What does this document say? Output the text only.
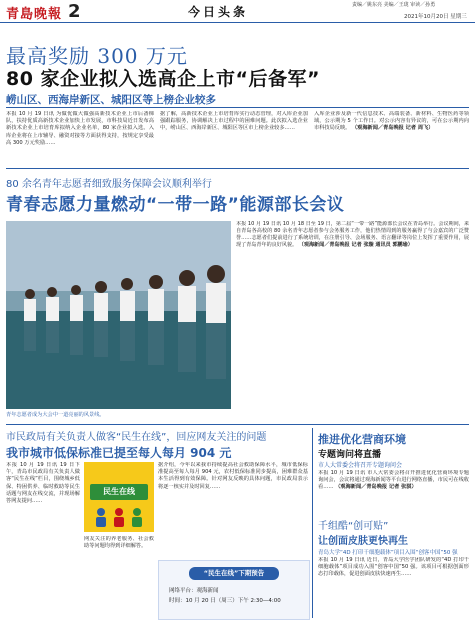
青島晚報 2	今日头条	责编／姚东亮 美编／王珑 审读／孙勇
2021年10月20日 星期三
最高奖励 300 万元
80 家企业拟入选高企上市“后备军”
崂山区、西海岸新区、城阳区等上榜企业较多
本报 10 月 19 日讯 为做优做大做强高新技术企业上市后备梯队，扶持优质高新技术企业加快上市发展，市科技局近日发布高新技术企业上市培育库拟纳入企业名单，80 家企业拟入选。入库企业将在上市辅导、融资对接等方面获得支持，按规定享受最高 300 万元奖励……
据了解，高新技术企业上市培育库实行动态管理，对入库企业加强跟踪服务，协调解决上市过程中的困难问题。此次拟入选企业中，崂山区、西海岸新区、城阳区等区市上榜企业较多……
入库企业涉及新一代信息技术、高端装备、新材料、生物医药等领域，公示期为 5 个工作日。对公示内容有异议的，可在公示期内向市科技局反映。 （观海新闻／青岛晚报 记者 周飞）
80 余名青年志愿者细致服务保障会议顺利举行
青春志愿力量燃动“一带一路”能源部长会议
青年志愿者成为大会中一道亮丽的风景线。
本报 10 月 19 日讯 10 月 18 日至 19 日，第二届“一带一路”能源部长会议在青岛举行。会议期间，来自青岛各高校的 80 余名青年志愿者参与会务服务工作，他们热情周到的服务赢得了与会嘉宾的广泛赞誉……志愿者们提前进行了系统培训，在注册引导、会场服务、语言翻译等岗位上发挥了重要作用，展现了青岛青年的良好风貌。 （观海新闻／青岛晚报 记者 张璇 通讯员 郭鹏瑜）
市民政局有关负责人做客“民生在线”，回应网友关注的问题
我市城市低保标准已提至每人每月 904 元
本报 10 月 19 日讯 19 日下午，青岛市民政局有关负责人做客“民生在线”栏目，围绕城乡低保、特困供养、临时救助等民生话题与网友在线交流，并现场解答网友提问……
民生在线
网友关注的养老服务、社会救助等问题均得到详细解答。
据介绍，今年以来我市持续提高社会救助保障水平，城市低保标准提高至每人每月 904 元，农村低保标准同步提高，困难群众基本生活得到有效保障。针对网友反映的具体问题，市民政局表示将逐一核实并及时回复……
“民生在线”下期预告
网络平台：观海新闻
时间：10 月 20 日（周三）下午 2:30—4:00
推进优化营商环境
专题询问将直播
市人大常委会将召开专题询问会
本报 10 月 19 日讯 市人大常委会将召开推进优化营商环境专题询问会，会议将通过观海新闻等平台进行网络直播，市民可在线收看…… （观海新闻／青岛晚报 记者 张骐）
千组酷“创可贴”
让创面皮肤更快再生
青岛大学“4D 打印干细胞载体”项目入围“创客中国”50 强
本报 10 月 19 日讯 近日，青岛大学医学团队研发的“4D 打印干细胞载体”项目成功入围“创客中国”50 强。该项目可根据创面形态打印载体，促进创面皮肤快速再生……
